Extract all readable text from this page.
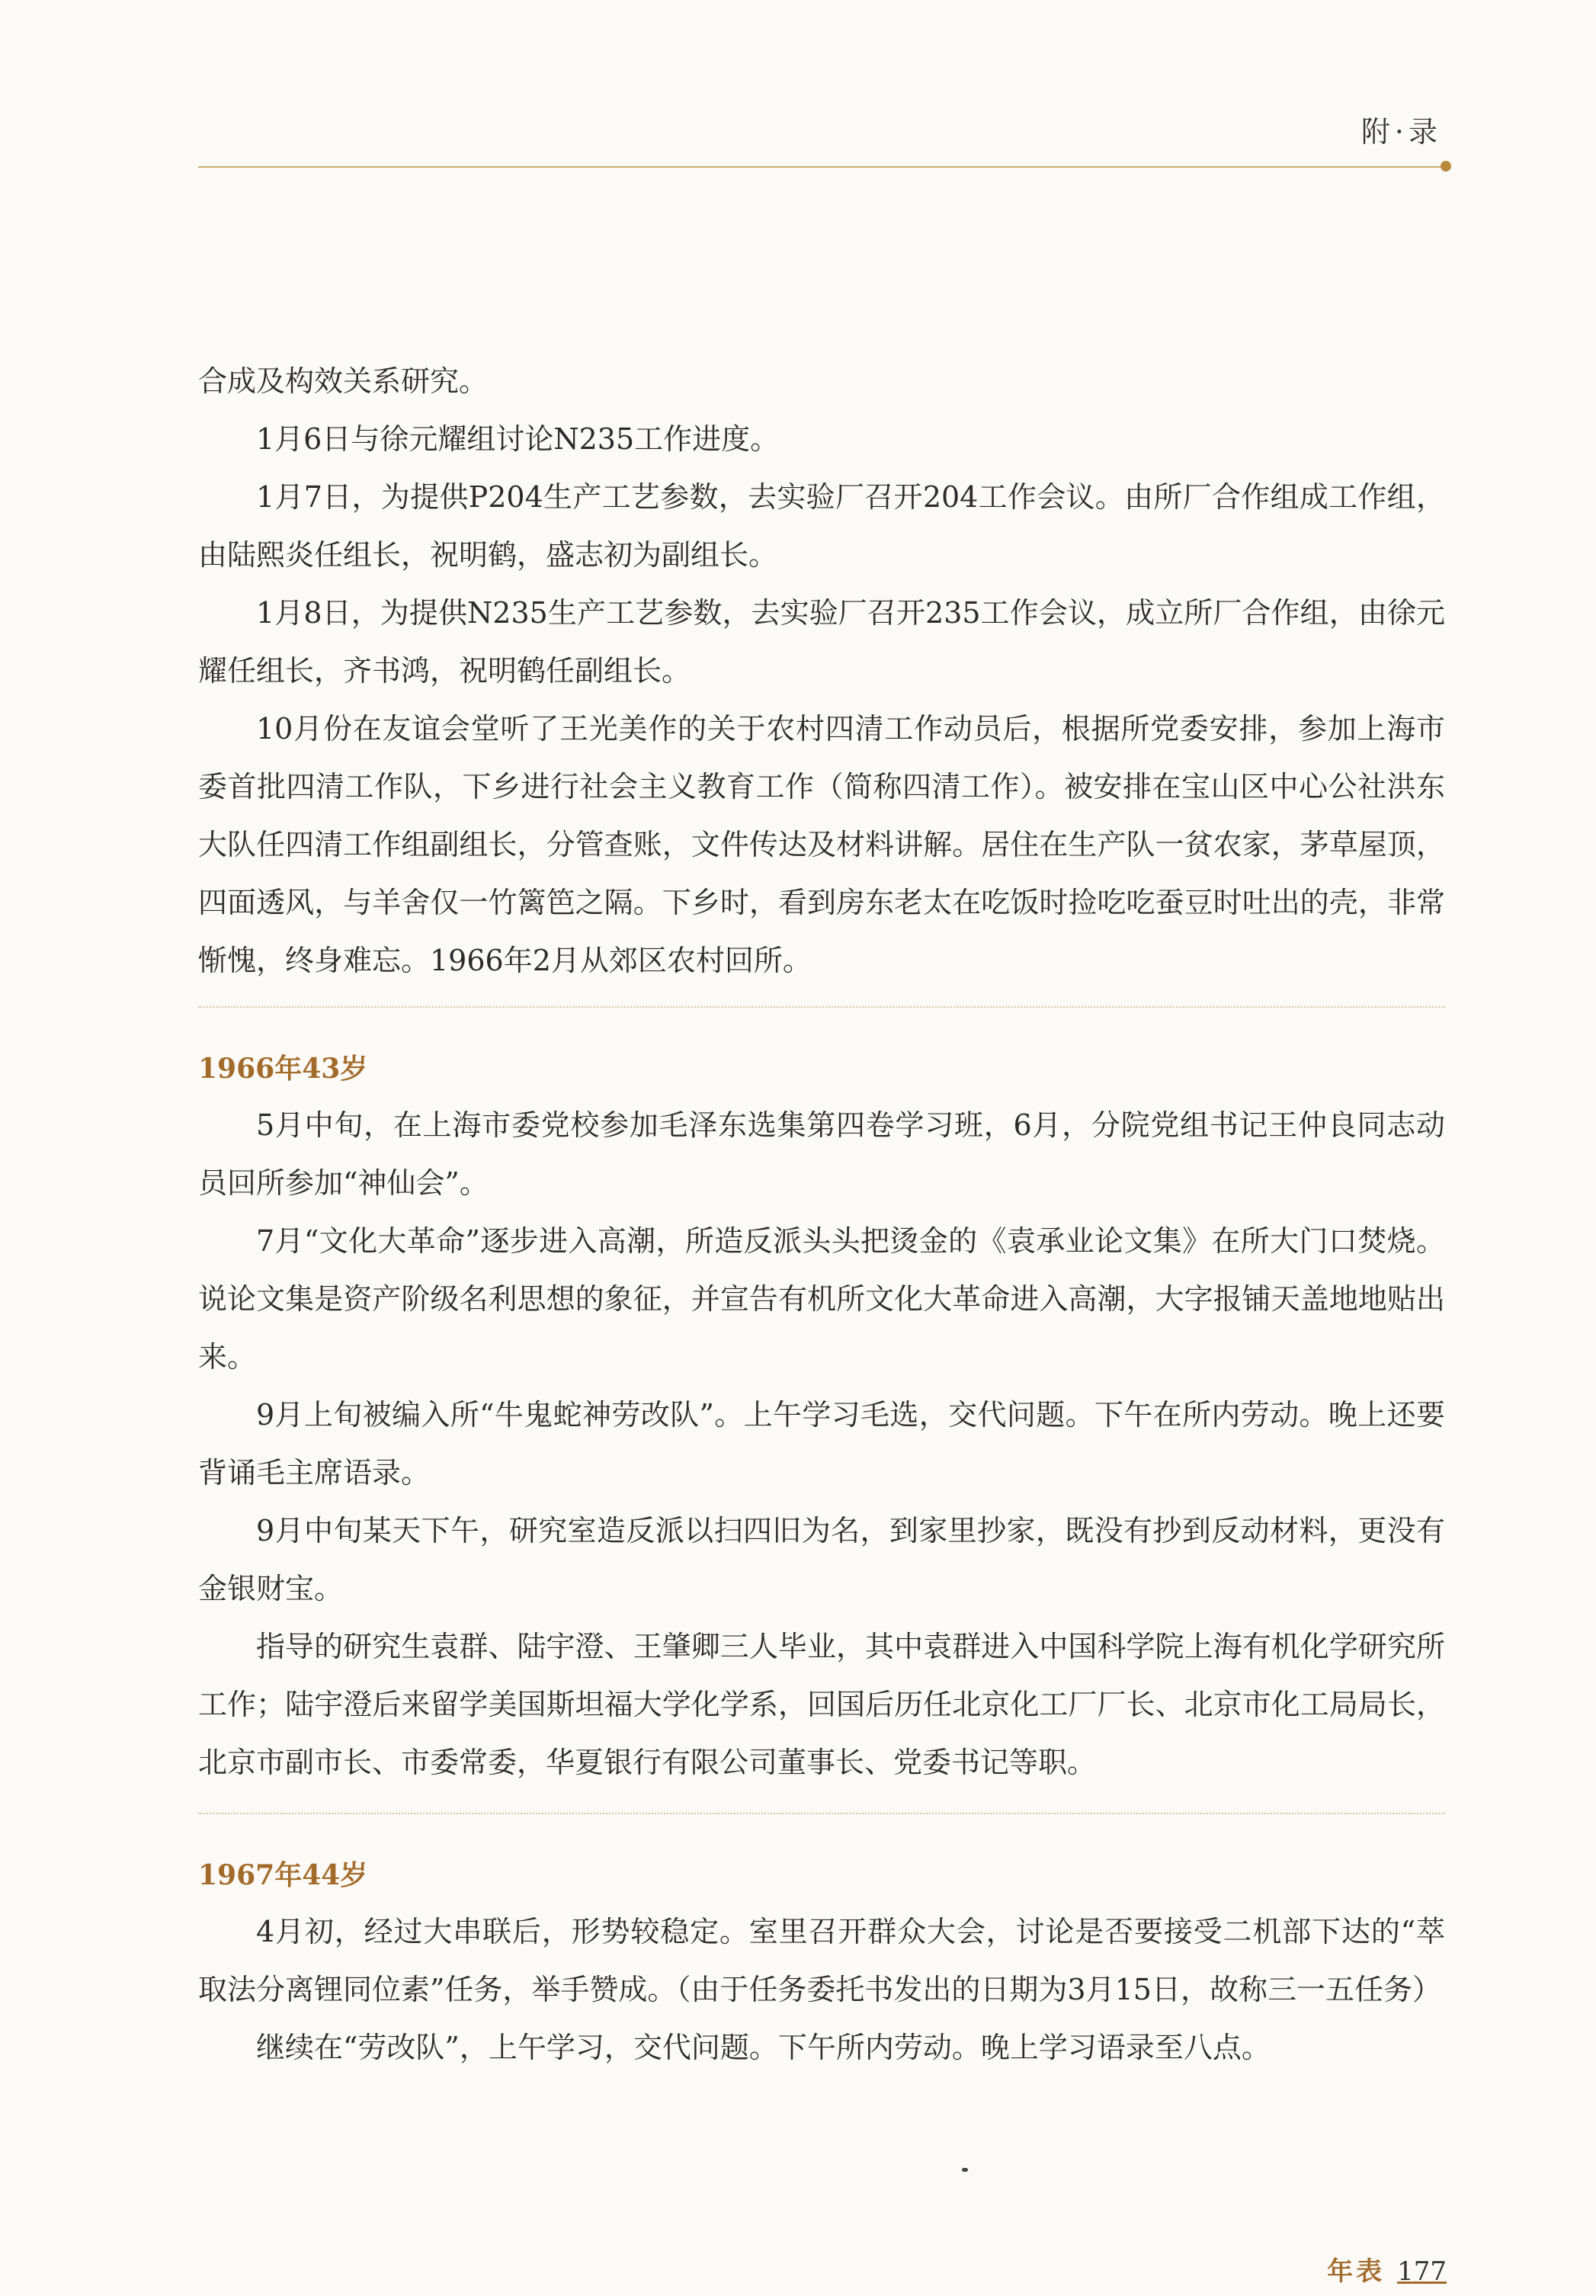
附·录

合成及构效关系研究。

1月6日与徐元耀组讨论N235工作进度。

1月7日，为提供P204生产工艺参数，去实验厂召开204工作会议。由所厂合作组成工作组，由陆熙炎任组长，祝明鹤，盛志初为副组长。

1月8日，为提供N235生产工艺参数，去实验厂召开235工作会议，成立所厂合作组，由徐元耀任组长，齐书鸿，祝明鹤任副组长。

10月份在友谊会堂听了王光美作的关于农村四清工作动员后，根据所党委安排，参加上海市委首批四清工作队，下乡进行社会主义教育工作（简称四清工作）。被安排在宝山区中心公社洪东大队任四清工作组副组长，分管查账，文件传达及材料讲解。居住在生产队一贫农家，茅草屋顶，四面透风，与羊舍仅一竹篱笆之隔。下乡时，看到房东老太在吃饭时捡吃吃蚕豆时吐出的壳，非常惭愧，终身难忘。1966年2月从郊区农村回所。

1966年43岁

5月中旬，在上海市委党校参加毛泽东选集第四卷学习班，6月，分院党组书记王仲良同志动员回所参加“神仙会”。

7月“文化大革命”逐步进入高潮，所造反派头头把烫金的《袁承业论文集》在所大门口焚烧。说论文集是资产阶级名利思想的象征，并宣告有机所文化大革命进入高潮，大字报铺天盖地地贴出来。

9月上旬被编入所“牛鬼蛇神劳改队”。上午学习毛选，交代问题。下午在所内劳动。晚上还要背诵毛主席语录。

9月中旬某天下午，研究室造反派以扫四旧为名，到家里抄家，既没有抄到反动材料，更没有金银财宝。

指导的研究生袁群、陆宇澄、王肇卿三人毕业，其中袁群进入中国科学院上海有机化学研究所工作；陆宇澄后来留学美国斯坦福大学化学系，回国后历任北京化工厂厂长、北京市化工局局长，北京市副市长、市委常委，华夏银行有限公司董事长、党委书记等职。

1967年44岁

4月初，经过大串联后，形势较稳定。室里召开群众大会，讨论是否要接受二机部下达的“萃取法分离锂同位素”任务，举手赞成。（由于任务委托书发出的日期为3月15日，故称三一五任务）

继续在“劳改队”，上午学习，交代问题。下午所内劳动。晚上学习语录至八点。

年表 177
